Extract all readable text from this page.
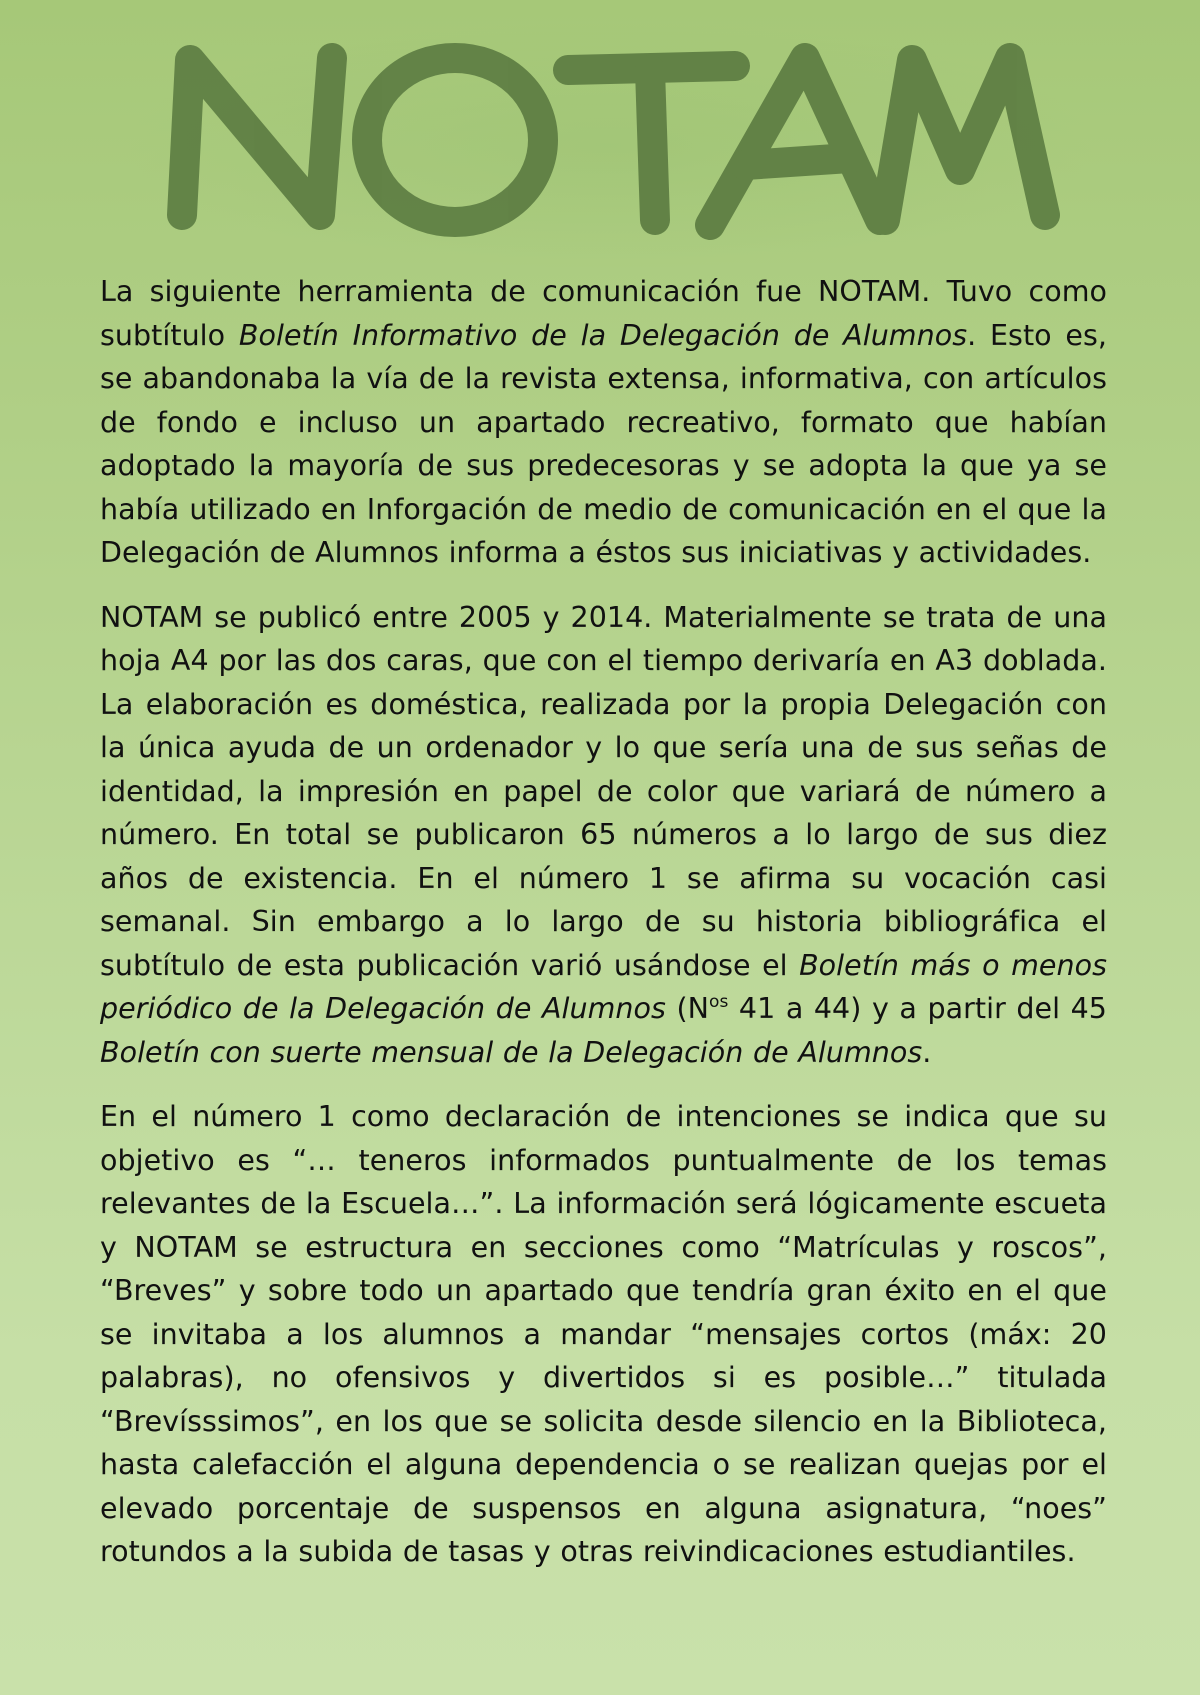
La siguiente herramienta de comunicación fue NOTAM. Tuvo como subtítulo Boletín Informativo de la Delegación de Alumnos. Esto es, se abandonaba la vía de la revista extensa, informativa, con artículos de fondo e incluso un apartado recreativo, formato que habían adoptado la mayoría de sus predecesoras y se adopta la que ya se había utilizado en Inforgación de medio de comunicación en el que la Delegación de Alumnos informa a éstos sus iniciativas y actividades.

NOTAM se publicó entre 2005 y 2014. Materialmente se trata de una hoja A4 por las dos caras, que con el tiempo derivaría en A3 doblada. La elaboración es doméstica, realizada por la propia Delegación con la única ayuda de un ordenador y lo que sería una de sus señas de identidad, la impresión en papel de color que variará de número a número. En total se publicaron 65 números a lo largo de sus diez años de existencia. En el número 1 se afirma su vocación casi semanal. Sin embargo a lo largo de su historia bibliográfica el subtítulo de esta publicación varió usándose el Boletín más o menos periódico de la Delegación de Alumnos ($N^{os}$ 41 a 44) y a partir del 45 Boletín con suerte mensual de la Delegación de Alumnos.

En el número 1 como declaración de intenciones se indica que su objetivo es “… teneros informados puntualmente de los temas relevantes de la Escuela…”. La información será lógicamente escueta y NOTAM se estructura en secciones como “Matrículas y roscos”, “Breves” y sobre todo un apartado que tendría gran éxito en el que se invitaba a los alumnos a mandar “mensajes cortos (máx: 20 palabras), no ofensivos y divertidos si es posible…” titulada “Brevísssimos”, en los que se solicita desde silencio en la Biblioteca, hasta calefacción el alguna dependencia o se realizan quejas por el elevado porcentaje de suspensos en alguna asignatura, “noes” rotundos a la subida de tasas y otras reivindicaciones estudiantiles.
